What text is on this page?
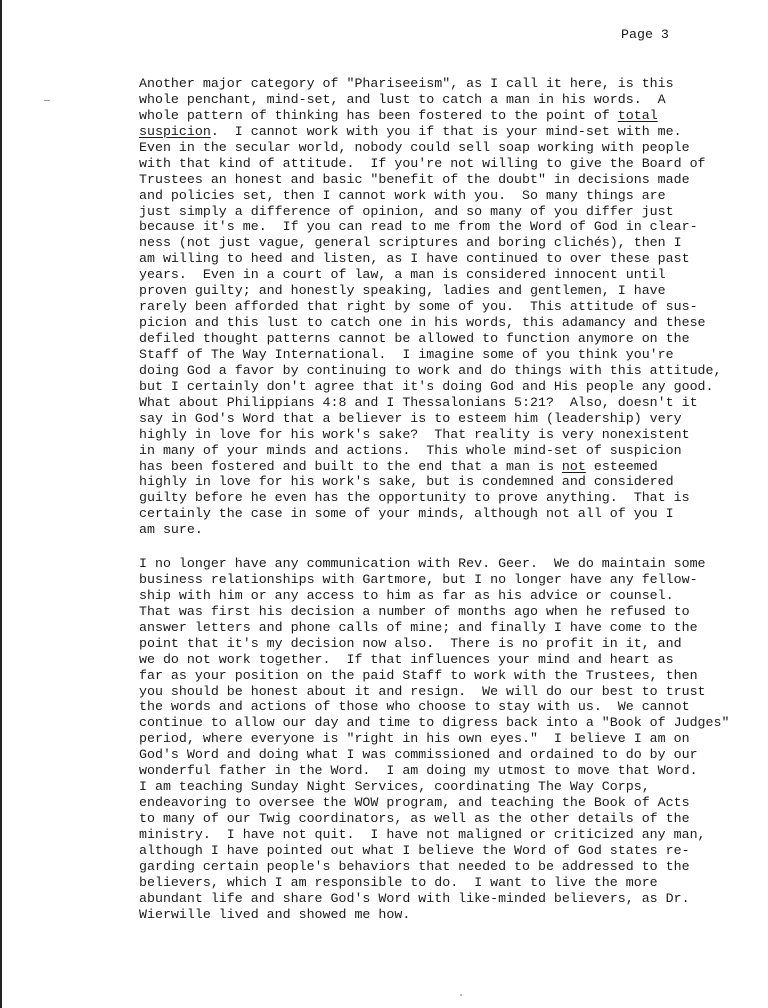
Page 3
Another major category of "Phariseeism", as I call it here, is this
whole penchant, mind-set, and lust to catch a man in his words.  A
whole pattern of thinking has been fostered to the point of total
suspicion.  I cannot work with you if that is your mind-set with me.
Even in the secular world, nobody could sell soap working with people
with that kind of attitude.  If you're not willing to give the Board of
Trustees an honest and basic "benefit of the doubt" in decisions made
and policies set, then I cannot work with you.  So many things are
just simply a difference of opinion, and so many of you differ just
because it's me.  If you can read to me from the Word of God in clear-
ness (not just vague, general scriptures and boring clichés), then I
am willing to heed and listen, as I have continued to over these past
years.  Even in a court of law, a man is considered innocent until
proven guilty; and honestly speaking, ladies and gentlemen, I have
rarely been afforded that right by some of you.  This attitude of sus-
picion and this lust to catch one in his words, this adamancy and these
defiled thought patterns cannot be allowed to function anymore on the
Staff of The Way International.  I imagine some of you think you're
doing God a favor by continuing to work and do things with this attitude,
but I certainly don't agree that it's doing God and His people any good.
What about Philippians 4:8 and I Thessalonians 5:21?  Also, doesn't it
say in God's Word that a believer is to esteem him (leadership) very
highly in love for his work's sake?  That reality is very nonexistent
in many of your minds and actions.  This whole mind-set of suspicion
has been fostered and built to the end that a man is not esteemed
highly in love for his work's sake, but is condemned and considered
guilty before he even has the opportunity to prove anything.  That is
certainly the case in some of your minds, although not all of you I
am sure.
I no longer have any communication with Rev. Geer.  We do maintain some
business relationships with Gartmore, but I no longer have any fellow-
ship with him or any access to him as far as his advice or counsel.
That was first his decision a number of months ago when he refused to
answer letters and phone calls of mine; and finally I have come to the
point that it's my decision now also.  There is no profit in it, and
we do not work together.  If that influences your mind and heart as
far as your position on the paid Staff to work with the Trustees, then
you should be honest about it and resign.  We will do our best to trust
the words and actions of those who choose to stay with us.  We cannot
continue to allow our day and time to digress back into a "Book of Judges"
period, where everyone is "right in his own eyes."  I believe I am on
God's Word and doing what I was commissioned and ordained to do by our
wonderful father in the Word.  I am doing my utmost to move that Word.
I am teaching Sunday Night Services, coordinating The Way Corps,
endeavoring to oversee the WOW program, and teaching the Book of Acts
to many of our Twig coordinators, as well as the other details of the
ministry.  I have not quit.  I have not maligned or criticized any man,
although I have pointed out what I believe the Word of God states re-
garding certain people's behaviors that needed to be addressed to the
believers, which I am responsible to do.  I want to live the more
abundant life and share God's Word with like-minded believers, as Dr.
Wierwille lived and showed me how.
